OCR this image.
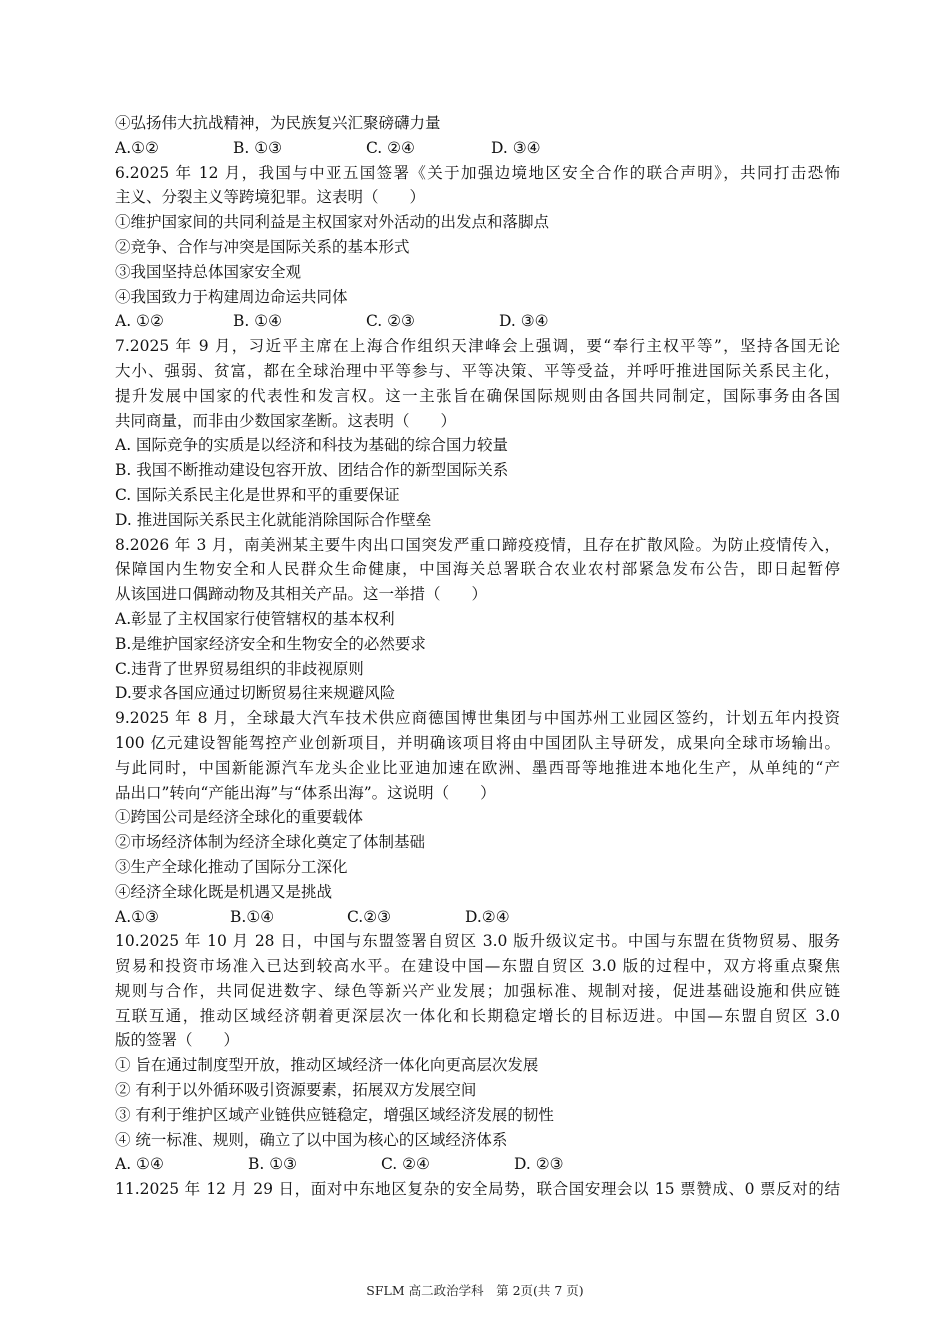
④弘扬伟大抗战精神，为民族复兴汇聚磅礴力量
A.①②	B. ①③	C. ②④	D. ③④
6.2025 年 12 月，我国与中亚五国签署《关于加强边境地区安全合作的联合声明》，共同打击恐怖
主义、分裂主义等跨境犯罪。这表明（　　）
①维护国家间的共同利益是主权国家对外活动的出发点和落脚点
②竞争、合作与冲突是国际关系的基本形式
③我国坚持总体国家安全观
④我国致力于构建周边命运共同体
A. ①②	B. ①④	C. ②③	D. ③④
7.2025 年 9 月，习近平主席在上海合作组织天津峰会上强调，要“奉行主权平等”，坚持各国无论
大小、强弱、贫富，都在全球治理中平等参与、平等决策、平等受益，并呼吁推进国际关系民主化，
提升发展中国家的代表性和发言权。这一主张旨在确保国际规则由各国共同制定，国际事务由各国
共同商量，而非由少数国家垄断。这表明（　　）
A. 国际竞争的实质是以经济和科技为基础的综合国力较量
B. 我国不断推动建设包容开放、团结合作的新型国际关系
C. 国际关系民主化是世界和平的重要保证
D. 推进国际关系民主化就能消除国际合作壁垒
8.2026 年 3 月，南美洲某主要牛肉出口国突发严重口蹄疫疫情，且存在扩散风险。为防止疫情传入，
保障国内生物安全和人民群众生命健康，中国海关总署联合农业农村部紧急发布公告，即日起暂停
从该国进口偶蹄动物及其相关产品。这一举措（　　）
A.彰显了主权国家行使管辖权的基本权利
B.是维护国家经济安全和生物安全的必然要求
C.违背了世界贸易组织的非歧视原则
D.要求各国应通过切断贸易往来规避风险
9.2025 年 8 月，全球最大汽车技术供应商德国博世集团与中国苏州工业园区签约，计划五年内投资
100 亿元建设智能驾控产业创新项目，并明确该项目将由中国团队主导研发，成果向全球市场输出。
与此同时，中国新能源汽车龙头企业比亚迪加速在欧洲、墨西哥等地推进本地化生产，从单纯的“产
品出口”转向“产能出海”与“体系出海”。这说明（　　）
①跨国公司是经济全球化的重要载体
②市场经济体制为经济全球化奠定了体制基础
③生产全球化推动了国际分工深化
④经济全球化既是机遇又是挑战
A.①③	B.①④	C.②③	D.②④
10.2025 年 10 月 28 日，中国与东盟签署自贸区 3.0 版升级议定书。中国与东盟在货物贸易、服务
贸易和投资市场准入已达到较高水平。在建设中国—东盟自贸区 3.0 版的过程中，双方将重点聚焦
规则与合作，共同促进数字、绿色等新兴产业发展；加强标准、规制对接，促进基础设施和供应链
互联互通，推动区域经济朝着更深层次一体化和长期稳定增长的目标迈进。中国—东盟自贸区 3.0
版的签署（　　）
① 旨在通过制度型开放，推动区域经济一体化向更高层次发展
② 有利于以外循环吸引资源要素，拓展双方发展空间
③ 有利于维护区域产业链供应链稳定，增强区域经济发展的韧性
④ 统一标准、规则，确立了以中国为核心的区域经济体系
A. ①④	B. ①③	C. ②④	D. ②③
11.2025 年 12 月 29 日，面对中东地区复杂的安全局势，联合国安理会以 15 票赞成、0 票反对的结
SFLM 高二政治学科　第 2页(共 7 页)
